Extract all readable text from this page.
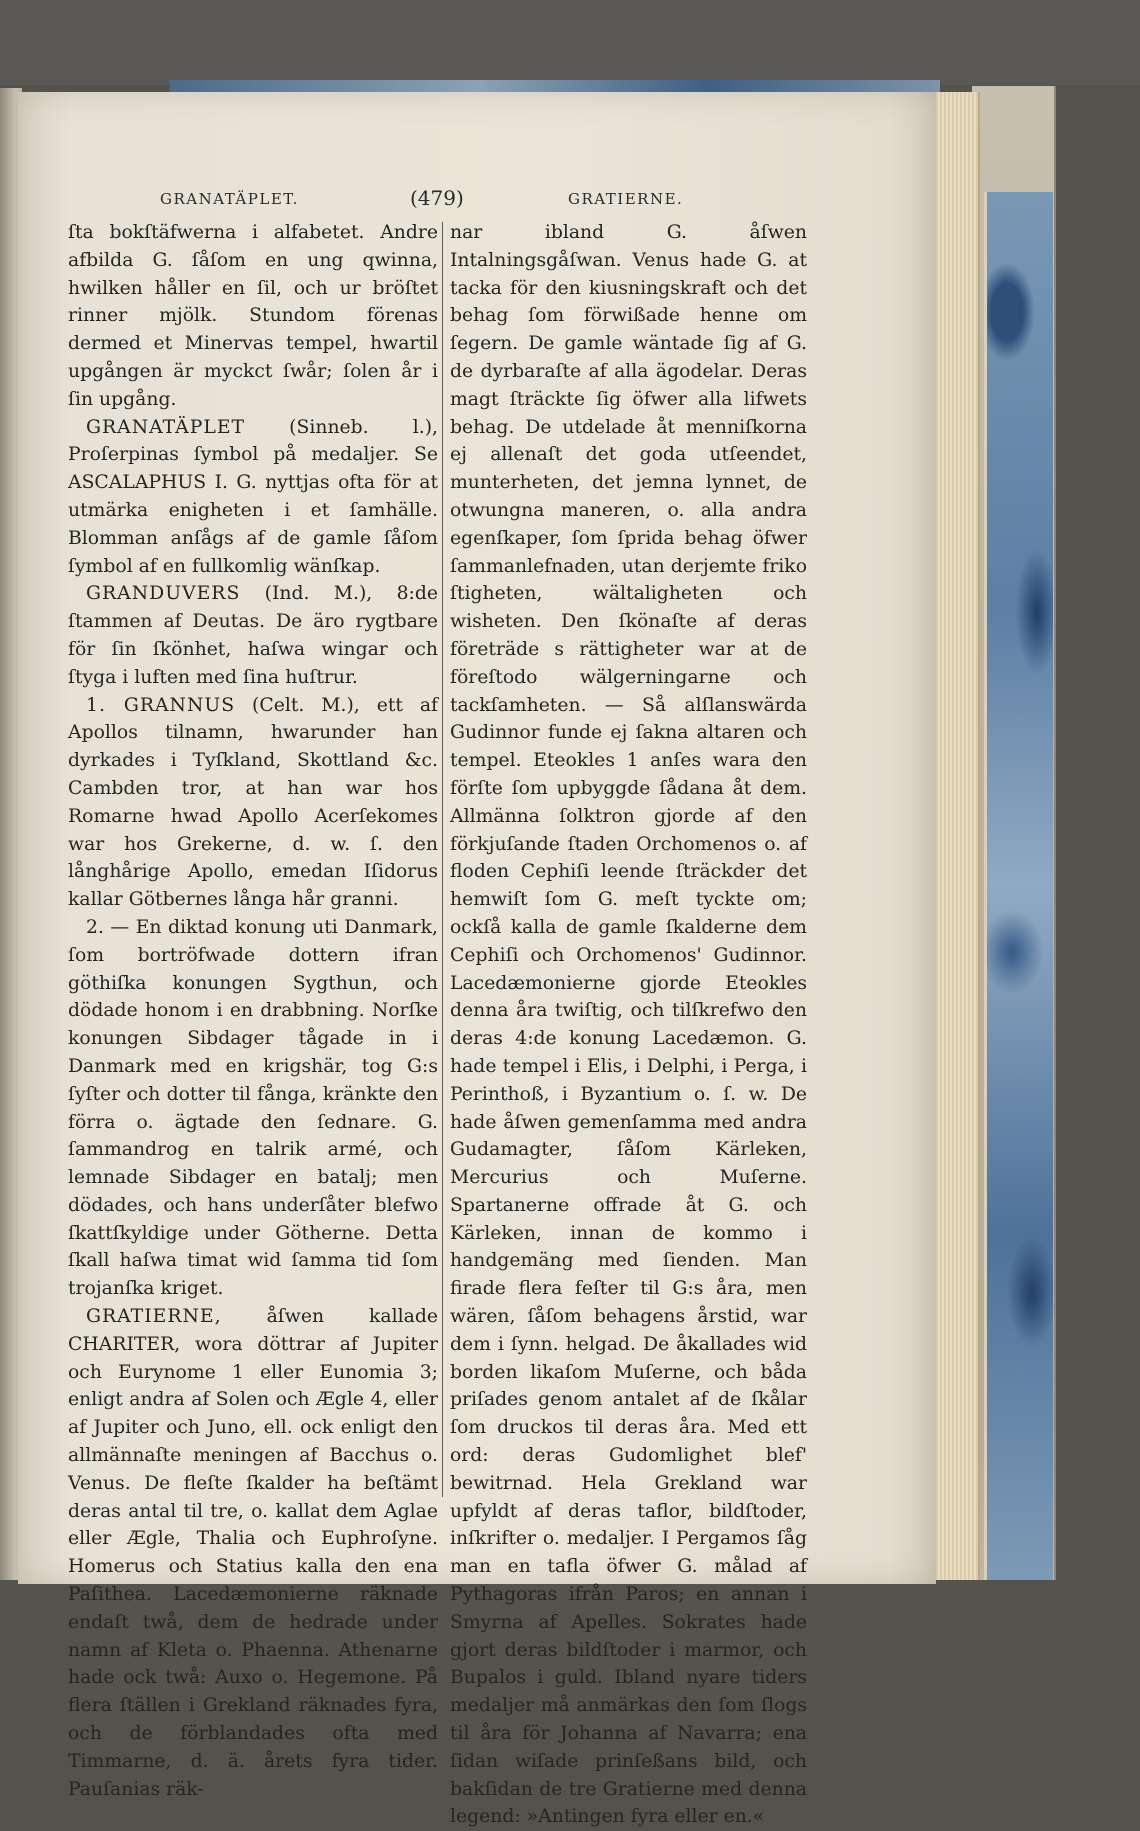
GRANATÄPLET.	(479)	GRATIERNE.

ſta bokſtäfwerna i alfabetet. Andre afbilda G. ſåſom en ung qwinna, hwilken håller en ſil, och ur bröſtet rinner mjölk. Stundom förenas dermed et Minervas tempel, hwartil upgången är myckct ſwår; ſolen år i ſin upgång.

GRANATÄPLET (Sinneb. l.), Proſerpinas ſymbol på medaljer. Se ASCALAPHUS I. G. nyttjas ofta för at utmärka enigheten i et ſamhälle. Blomman anſågs af de gamle ſåſom ſymbol af en fullkomlig wänſkap.

GRANDUVERS (Ind. M.), 8:de ſtammen af Deutas. De äro rygtbare för ſin ſkönhet, haſwa wingar och ſtyga i luften med ſina huſtrur.

1. GRANNUS (Celt. M.), ett af Apollos tilnamn, hwarunder han dyrkades i Tyſkland, Skottland &c. Cambden tror, at han war hos Romarne hwad Apollo Acerſekomes war hos Grekerne, d. w. ſ. den långhårige Apollo, emedan Iſidorus kallar Götbernes långa hår granni.

2. — En diktad konung uti Danmark, ſom bortröfwade dottern ifran göthiſka konungen Sygthun, och dödade honom i en drabbning. Norſke konungen Sibdager tågade in i Danmark med en krigshär, tog G:s ſyſter och dotter til fånga, kränkte den förra o. ägtade den ſednare. G. ſammandrog en talrik armé, och lemnade Sibdager en batalj; men dödades, och hans underſåter blefwo ſkattſkyldige under Götherne. Detta ſkall haſwa timat wid ſamma tid ſom trojanſka kriget.

GRATIERNE, åſwen kallade CHARITER, wora döttrar af Jupiter och Eurynome 1 eller Eunomia 3; enligt andra af Solen och Ægle 4, eller af Jupiter och Juno, ell. ock enligt den allmännaſte meningen af Bacchus o. Venus. De fleſte ſkalder ha beſtämt deras antal til tre, o. kallat dem Aglae eller Ægle, Thalia och Euphroſyne. Homerus och Statius kalla den ena Paſithea. Lacedæmonierne räknade endaſt twå, dem de hedrade under namn af Kleta o. Phaenna. Athenarne hade ock twå: Auxo o. Hegemone. På flera ſtällen i Grekland räknades fyra, och de förblandades ofta med Timmarne, d. ä. årets fyra tider. Pauſanias räk-

nar ibland G. åſwen Intalningsgåſwan. Venus hade G. at tacka för den kiusningskraft och det behag ſom förwißade henne om ſegern. De gamle wäntade ſig af G. de dyrbaraſte af alla ägodelar. Deras magt ſträckte ſig öfwer alla lifwets behag. De utdelade åt menniſkorna ej allenaſt det goda utſeendet, munterheten, det jemna lynnet, de otwungna maneren, o. alla andra egenſkaper, ſom ſprida behag öfwer ſammanlefnaden, utan derjemte friko ſtigheten, wältaligheten och wisheten. Den ſkönaſte af deras företräde s rättigheter war at de föreſtodo wälgerningarne och tackſamheten. — Så alſlanswärda Gudinnor funde ej ſakna altaren och tempel. Eteokles 1 anſes wara den förſte ſom upbyggde ſådana åt dem. Allmänna ſolktron gjorde af den förkjuſande ſtaden Orchomenos o. af floden Cephiſi leende ſträckder det hemwiſt ſom G. meſt tyckte om; ockſå kalla de gamle ſkalderne dem Cephiſi och Orchomenos' Gudinnor. Lacedæmonierne gjorde Eteokles denna åra twiſtig, och tilſkrefwo den deras 4:de konung Lacedæmon. G. hade tempel i Elis, i Delphi, i Perga, i Perinthoß, i Byzantium o. ſ. w. De hade åſwen gemenſamma med andra Gudamagter, ſåſom Kärleken, Mercurius och Muſerne. Spartanerne offrade åt G. och Kärleken, innan de kommo i handgemäng med ſienden. Man firade flera feſter til G:s åra, men wären, ſåſom behagens årstid, war dem i ſynn. helgad. De åkallades wid borden likaſom Muſerne, och båda priſades genom antalet af de ſkålar ſom druckos til deras åra. Med ett ord: deras Gudomlighet blef' bewitrnad. Hela Grekland war upfyldt af deras taflor, bildſtoder, inſkrifter o. medaljer. I Pergamos ſåg man en tafla öfwer G. målad af Pythagoras ifrån Paros; en annan i Smyrna af Apelles. Sokrates hade gjort deras bildſtoder i marmor, och Bupalos i guld. Ibland nyare tiders medaljer må anmärkas den ſom ſlogs til åra för Johanna af Navarra; ena ſidan wiſade prinſeßans bild, och bakſidan de tre Gratierne med denna legend: »Antingen fyra eller en.«
